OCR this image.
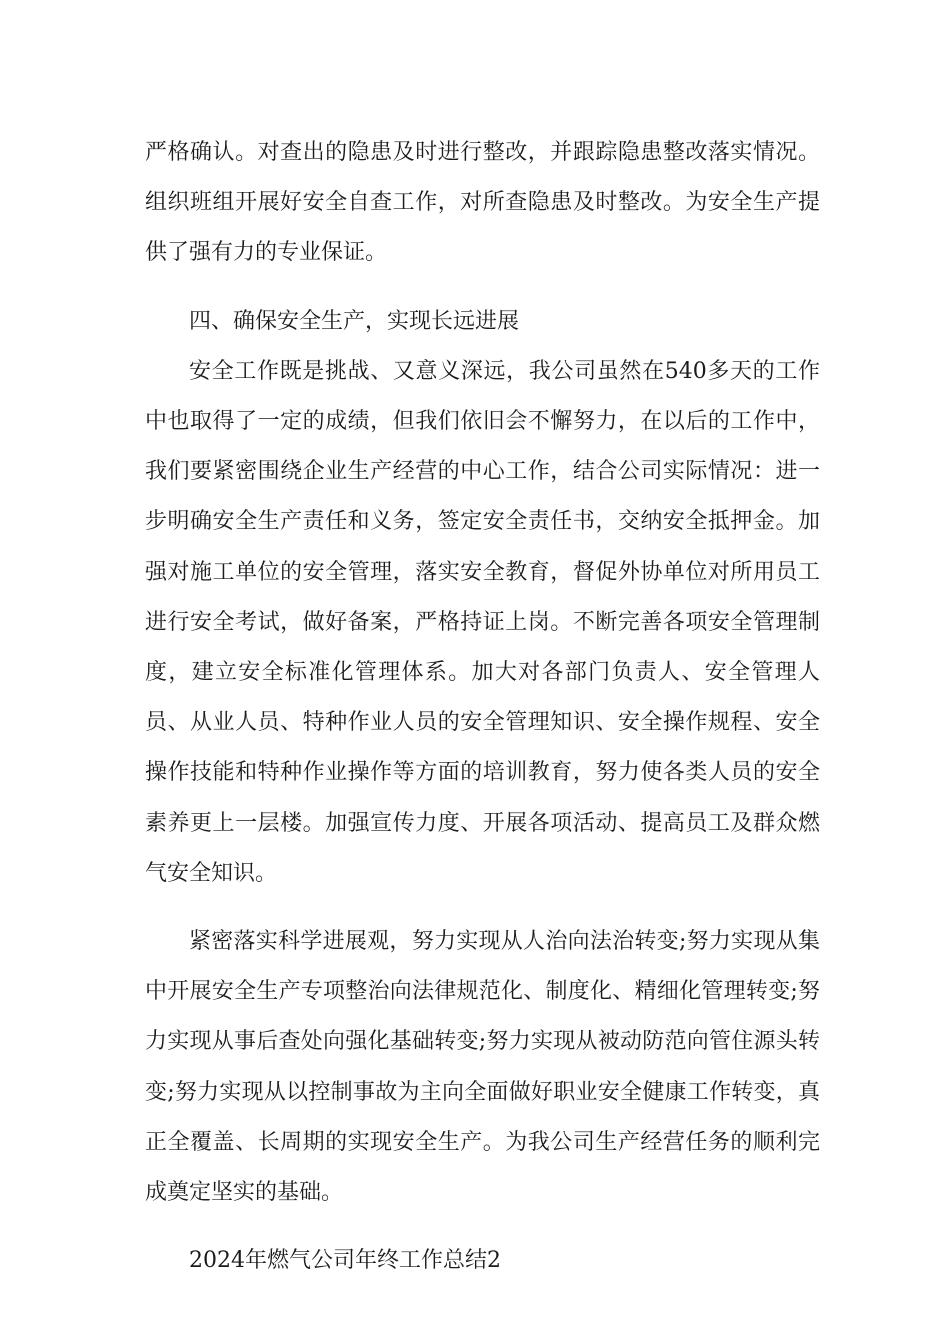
严格确认。对查出的隐患及时进行整改，并跟踪隐患整改落实情况。组织班组开展好安全自查工作，对所查隐患及时整改。为安全生产提供了强有力的专业保证。

四、确保安全生产，实现长远进展

安全工作既是挑战、又意义深远，我公司虽然在540多天的工作中也取得了一定的成绩，但我们依旧会不懈努力，在以后的工作中，我们要紧密围绕企业生产经营的中心工作，结合公司实际情况：进一步明确安全生产责任和义务，签定安全责任书，交纳安全抵押金。加强对施工单位的安全管理，落实安全教育，督促外协单位对所用员工进行安全考试，做好备案，严格持证上岗。不断完善各项安全管理制度，建立安全标准化管理体系。加大对各部门负责人、安全管理人员、从业人员、特种作业人员的安全管理知识、安全操作规程、安全操作技能和特种作业操作等方面的培训教育，努力使各类人员的安全素养更上一层楼。加强宣传力度、开展各项活动、提高员工及群众燃气安全知识。

紧密落实科学进展观，努力实现从人治向法治转变;努力实现从集中开展安全生产专项整治向法律规范化、制度化、精细化管理转变;努力实现从事后查处向强化基础转变;努力实现从被动防范向管住源头转变;努力实现从以控制事故为主向全面做好职业安全健康工作转变，真正全覆盖、长周期的实现安全生产。为我公司生产经营任务的顺利完成奠定坚实的基础。

2024年燃气公司年终工作总结2
